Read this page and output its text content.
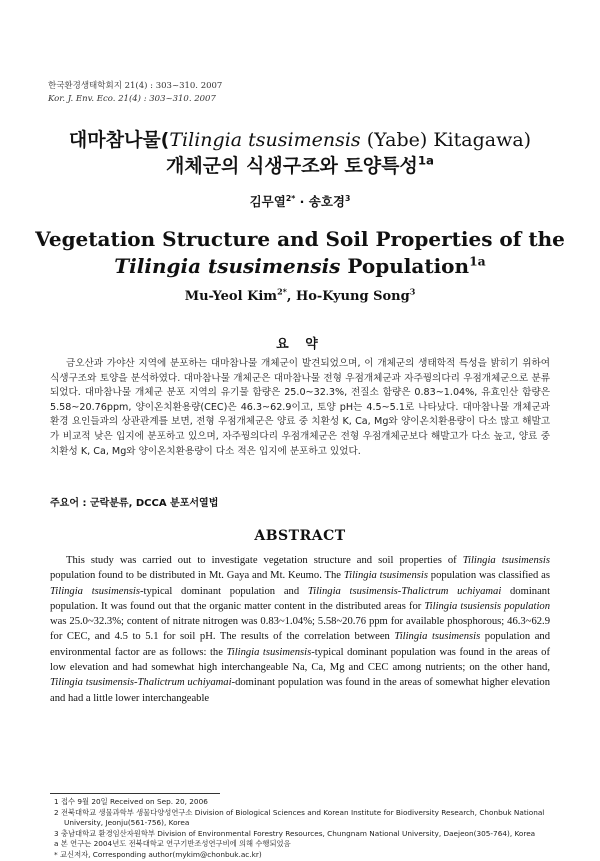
한국환경생태학회지 21(4) : 303~310. 2007
Kor. J. Env. Eco. 21(4) : 303~310. 2007
대마참나물(Tilingia tsusimensis (Yabe) Kitagawa)
개체군의 식생구조와 토양특성$^{1a}$
김무열$^{2*}$ · 송호경$^3$
Vegetation Structure and Soil Properties of the
Tilingia tsusimensis Population$^{1a}$
Mu-Yeol Kim$^{2*}$, Ho-Kyung Song$^3$
요 약
금오산과 가야산 지역에 분포하는 대마참나물 개체군이 발견되었으며, 이 개체군의 생태학적 특성을 밝히기 위하여 식생구조와 토양을 분석하였다. 대마참나물 개체군은 대마참나물 전형 우점개체군과 자주꿩의다리 우점개체군으로 분류되었다. 대마참나물 개체군 분포 지역의 유기물 함량은 25.0~32.3%, 전질소 함량은 0.83~1.04%, 유효인산 함량은 5.58~20.76ppm, 양이온치환용량(CEC)은 46.3~62.9이고, 토양 pH는 4.5~5.1로 나타났다. 대마참나물 개체군과 환경 요인들과의 상관관계를 보면, 전형 우점개체군은 양료 중 치환성 K, Ca, Mg와 양이온치환용량이 다소 많고 해발고가 비교적 낮은 입지에 분포하고 있으며, 자주꿩의다리 우점개체군은 전형 우점개체군보다 해발고가 다소 높고, 양료 중 치환성 K, Ca, Mg와 양이온치환용량이 다소 적은 입지에 분포하고 있었다.
주요어 : 군락분류, DCCA 분포서열법
ABSTRACT
This study was carried out to investigate vegetation structure and soil properties of Tilingia tsusimensis population found to be distributed in Mt. Gaya and Mt. Keumo. The Tilingia tsusimensis population was classified as Tilingia tsusimensis-typical dominant population and Tilingia tsusimensis-Thalictrum uchiyamai dominant population. It was found out that the organic matter content in the distributed areas for Tilingia tsusiensis population was 25.0~32.3%; content of nitrate nitrogen was 0.83~1.04%; 5.58~20.76 ppm for available phosphorous; 46.3~62.9 for CEC, and 4.5 to 5.1 for soil pH. The results of the correlation between Tilingia tsusimensis population and environmental factor are as follows: the Tilingia tsusimensis-typical dominant population was found in the areas of low elevation and had somewhat high interchangeable Na, Ca, Mg and CEC among nutrients; on the other hand, Tilingia tsusimensis-Thalictrum uchiyamai-dominant population was found in the areas of somewhat higher elevation and had a little lower interchangeable
1 접수 9월 20일 Received on Sep. 20, 2006
2 전북대학교 생물과학부 생물다양성연구소 Division of Biological Sciences and Korean Institute for Biodiversity Research, Chonbuk National
University, Jeonju(561-756), Korea
3 충남대학교 환경임산자원학부 Division of Environmental Forestry Resources, Chungnam National University, Daejeon(305-764), Korea
a 본 연구는 2004년도 전북대학교 연구기반조성연구비에 의해 수행되었음
* 교신저자, Corresponding author(mykim@chonbuk.ac.kr)
